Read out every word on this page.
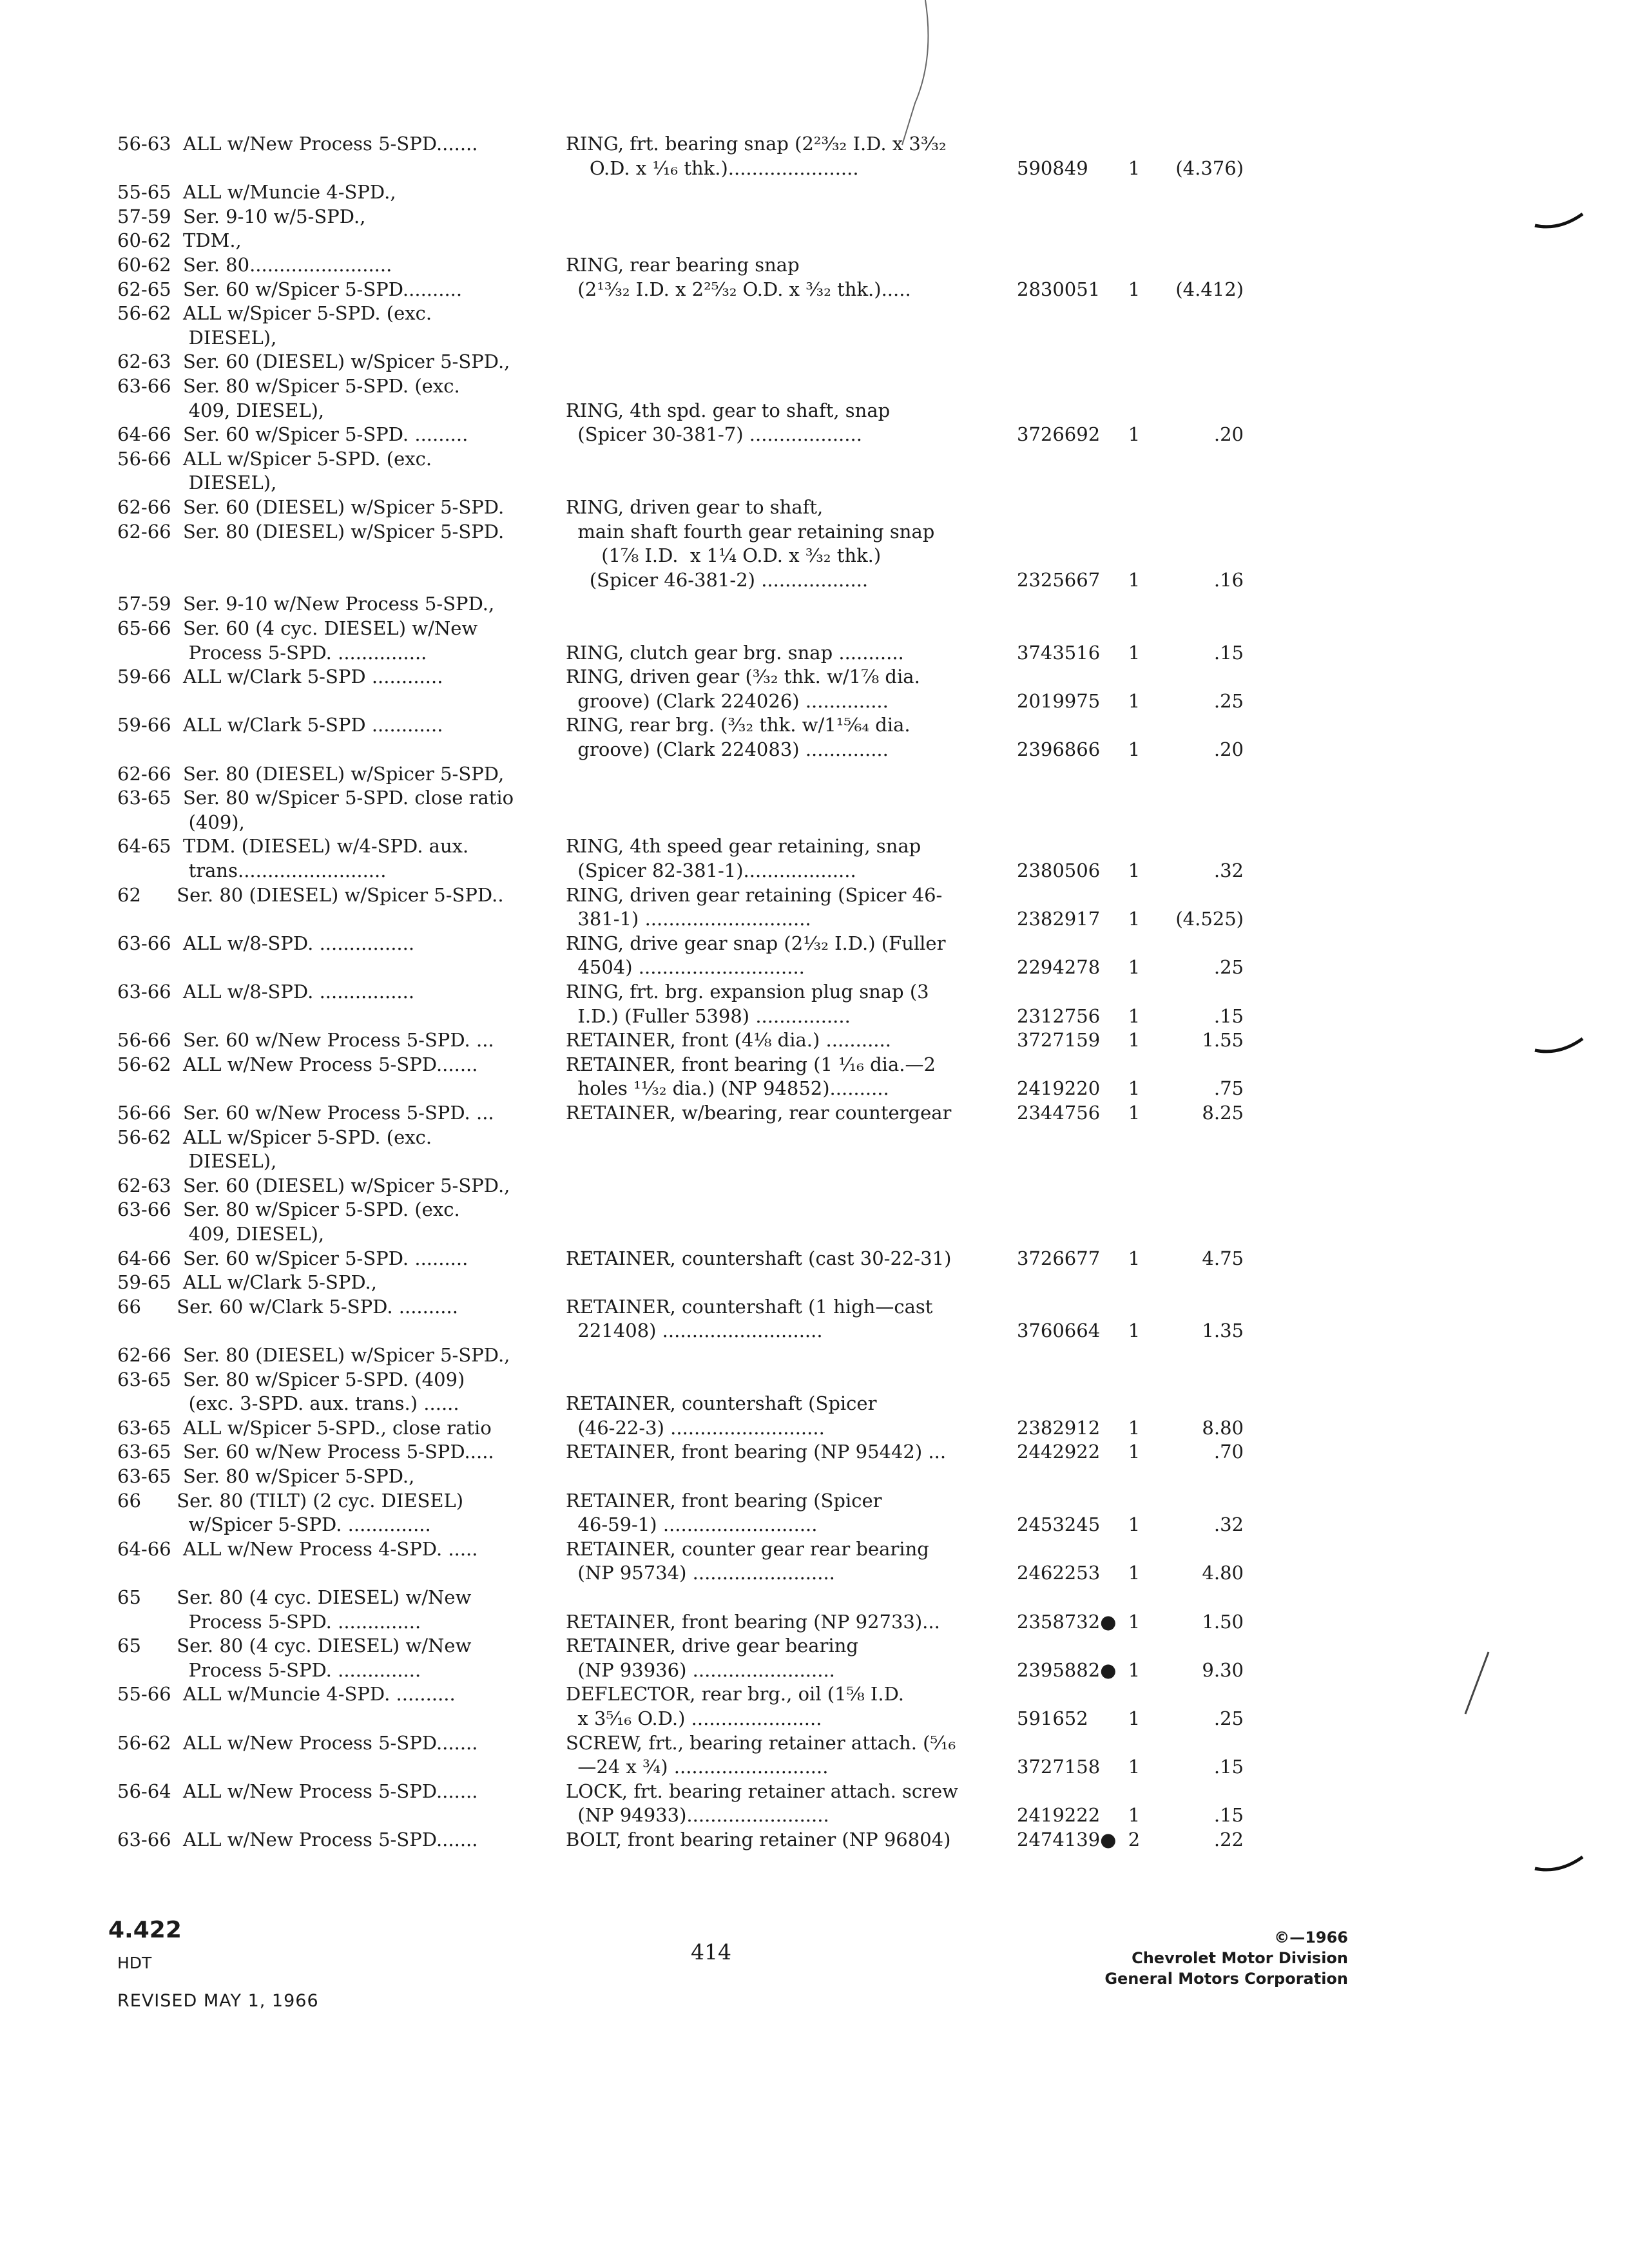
56-63  ALL w/New Process 5-SPD.......	RING, frt. bearing snap (2²³⁄₃₂ I.D. x 3³⁄₃₂
O.D. x ¹⁄₁₆ thk.)......................	590849	1	(4.376)
55-65  ALL w/Muncie 4-SPD.,
57-59  Ser. 9-10 w/5-SPD.,
60-62  TDM.,
60-62  Ser. 80........................	RING, rear bearing snap
62-65  Ser. 60 w/Spicer 5-SPD..........	(2¹³⁄₃₂ I.D. x 2²⁵⁄₃₂ O.D. x ³⁄₃₂ thk.).....	2830051	1	(4.412)
56-62  ALL w/Spicer 5-SPD. (exc.
DIESEL),
62-63  Ser. 60 (DIESEL) w/Spicer 5-SPD.,
63-66  Ser. 80 w/Spicer 5-SPD. (exc.
409, DIESEL),	RING, 4th spd. gear to shaft, snap
64-66  Ser. 60 w/Spicer 5-SPD. .........	(Spicer 30-381-7) ...................	3726692	1	.20
56-66  ALL w/Spicer 5-SPD. (exc.
DIESEL),
62-66  Ser. 60 (DIESEL) w/Spicer 5-SPD.	RING, driven gear to shaft,
62-66  Ser. 80 (DIESEL) w/Spicer 5-SPD.	main shaft fourth gear retaining snap
(1⅞ I.D.  x 1¼ O.D. x ³⁄₃₂ thk.)
(Spicer 46-381-2) ..................	2325667	1	.16
57-59  Ser. 9-10 w/New Process 5-SPD.,
65-66  Ser. 60 (4 cyc. DIESEL) w/New
Process 5-SPD. ...............	RING, clutch gear brg. snap ...........	3743516	1	.15
59-66  ALL w/Clark 5-SPD ............	RING, driven gear (³⁄₃₂ thk. w/1⅞ dia.
groove) (Clark 224026) ..............	2019975	1	.25
59-66  ALL w/Clark 5-SPD ............	RING, rear brg. (³⁄₃₂ thk. w/1¹⁵⁄₆₄ dia.
groove) (Clark 224083) ..............	2396866	1	.20
62-66  Ser. 80 (DIESEL) w/Spicer 5-SPD,
63-65  Ser. 80 w/Spicer 5-SPD. close ratio
(409),
64-65  TDM. (DIESEL) w/4-SPD. aux.	RING, 4th speed gear retaining, snap
trans.........................	(Spicer 82-381-1)...................	2380506	1	.32
62      Ser. 80 (DIESEL) w/Spicer 5-SPD..	RING, driven gear retaining (Spicer 46-
381-1) ............................	2382917	1	(4.525)
63-66  ALL w/8-SPD. ................	RING, drive gear snap (2⅟₃₂ I.D.) (Fuller
4504) ............................	2294278	1	.25
63-66  ALL w/8-SPD. ................	RING, frt. brg. expansion plug snap (3
I.D.) (Fuller 5398) ................	2312756	1	.15
56-66  Ser. 60 w/New Process 5-SPD. ...	RETAINER, front (4⅛ dia.) ...........	3727159	1	1.55
56-62  ALL w/New Process 5-SPD.......	RETAINER, front bearing (1 ¹⁄₁₆ dia.—2
holes ¹¹⁄₃₂ dia.) (NP 94852)..........	2419220	1	.75
56-66  Ser. 60 w/New Process 5-SPD. ...	RETAINER, w/bearing, rear countergear	2344756	1	8.25
56-62  ALL w/Spicer 5-SPD. (exc.
DIESEL),
62-63  Ser. 60 (DIESEL) w/Spicer 5-SPD.,
63-66  Ser. 80 w/Spicer 5-SPD. (exc.
409, DIESEL),
64-66  Ser. 60 w/Spicer 5-SPD. .........	RETAINER, countershaft (cast 30-22-31)	3726677	1	4.75
59-65  ALL w/Clark 5-SPD.,
66      Ser. 60 w/Clark 5-SPD. ..........	RETAINER, countershaft (1 high—cast
221408) ...........................	3760664	1	1.35
62-66  Ser. 80 (DIESEL) w/Spicer 5-SPD.,
63-65  Ser. 80 w/Spicer 5-SPD. (409)
(exc. 3-SPD. aux. trans.) ......	RETAINER, countershaft (Spicer
63-65  ALL w/Spicer 5-SPD., close ratio	(46-22-3) ..........................	2382912	1	8.80
63-65  Ser. 60 w/New Process 5-SPD.....	RETAINER, front bearing (NP 95442) ...	2442922	1	.70
63-65  Ser. 80 w/Spicer 5-SPD.,
66      Ser. 80 (TILT) (2 cyc. DIESEL)	RETAINER, front bearing (Spicer
w/Spicer 5-SPD. ..............	46-59-1) ..........................	2453245	1	.32
64-66  ALL w/New Process 4-SPD. .....	RETAINER, counter gear rear bearing
(NP 95734) ........................	2462253	1	4.80
65      Ser. 80 (4 cyc. DIESEL) w/New
Process 5-SPD. ..............	RETAINER, front bearing (NP 92733)...	2358732● 1	1.50
65      Ser. 80 (4 cyc. DIESEL) w/New	RETAINER, drive gear bearing
Process 5-SPD. ..............	(NP 93936) ........................	2395882● 1	9.30
55-66  ALL w/Muncie 4-SPD. ..........	DEFLECTOR, rear brg., oil (1⅝ I.D.
x 3⁵⁄₁₆ O.D.) ......................	591652	1	.25
56-62  ALL w/New Process 5-SPD.......	SCREW, frt., bearing retainer attach. (⁵⁄₁₆
—24 x ¾) ..........................	3727158	1	.15
56-64  ALL w/New Process 5-SPD.......	LOCK, frt. bearing retainer attach. screw
(NP 94933)........................	2419222	1	.15
63-66  ALL w/New Process 5-SPD.......	BOLT, front bearing retainer (NP 96804)	2474139● 2	.22
4.422
HDT
REVISED MAY 1, 1966
414
©—1966
Chevrolet Motor Division
General Motors Corporation
